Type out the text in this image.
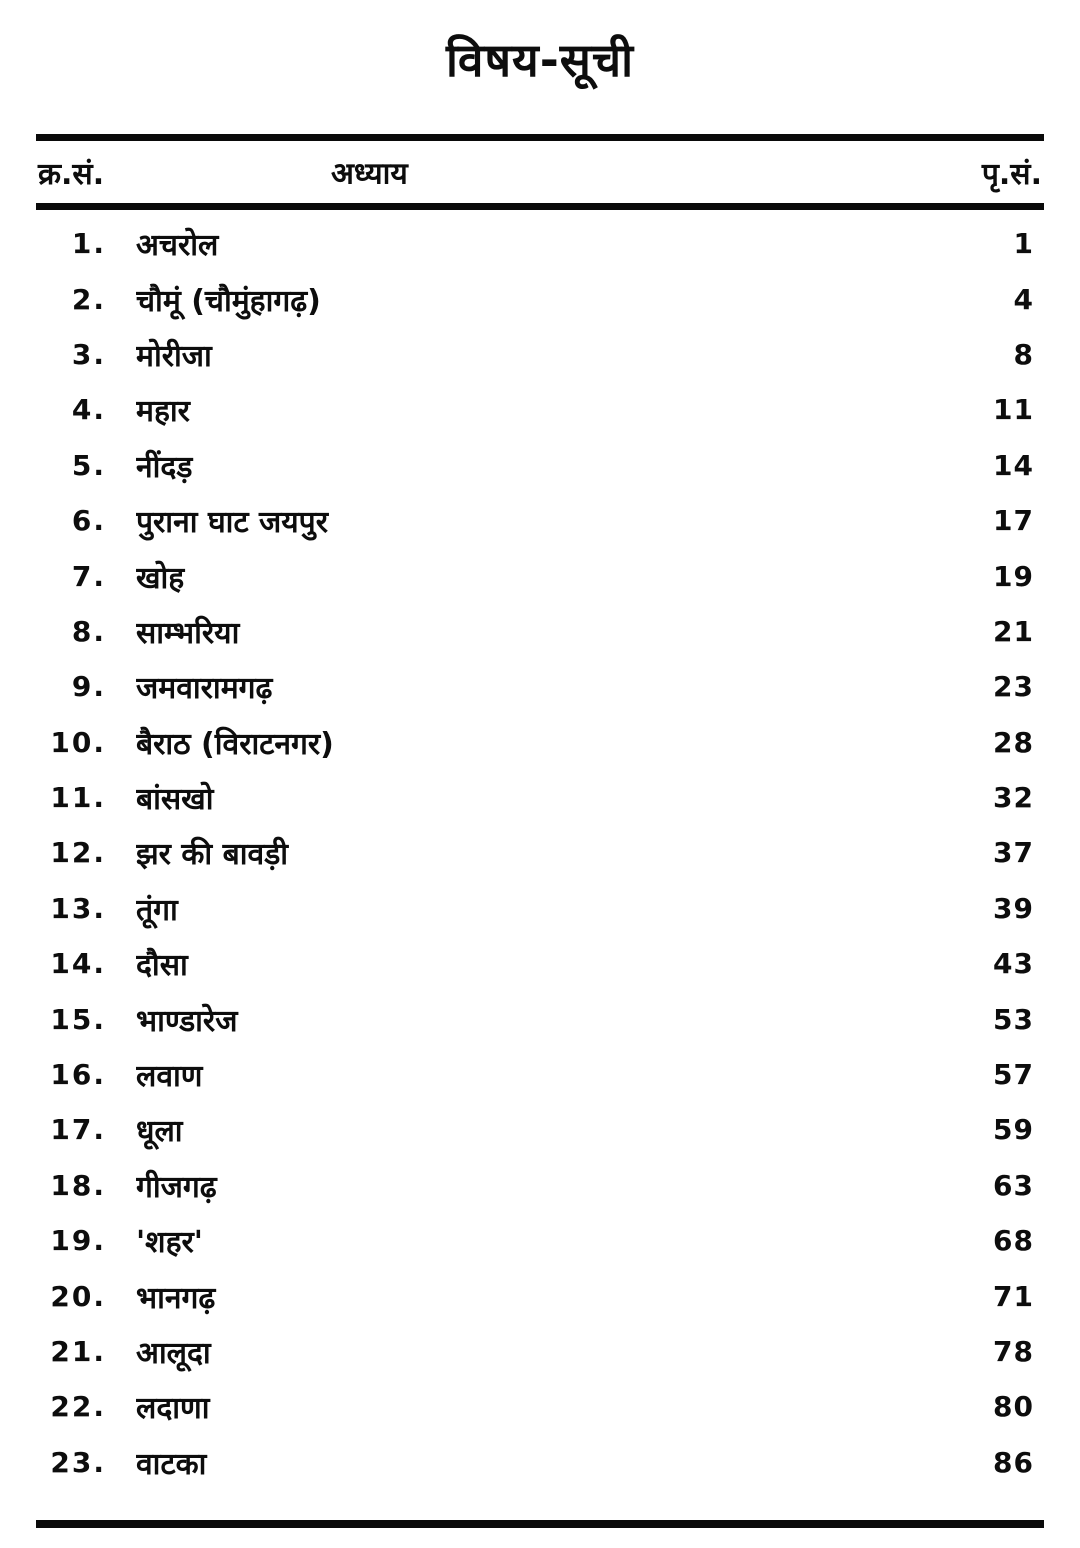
विषय-सूची
क्र.सं.	अध्याय	पृ.सं.
1. अचरोल	1
2. चौमूं (चौमुंहागढ़)	4
3. मोरीजा	8
4. महार	11
5. नींदड़	14
6. पुराना घाट जयपुर	17
7. खोह	19
8. साम्भरिया	21
9. जमवारामगढ़	23
10. बैराठ (विराटनगर)	28
11. बांसखो	32
12. झर की बावड़ी	37
13. तूंगा	39
14. दौसा	43
15. भाण्डारेज	53
16. लवाण	57
17. धूला	59
18. गीजगढ़	63
19. 'शहर'	68
20. भानगढ़	71
21. आलूदा	78
22. लदाणा	80
23. वाटका	86
